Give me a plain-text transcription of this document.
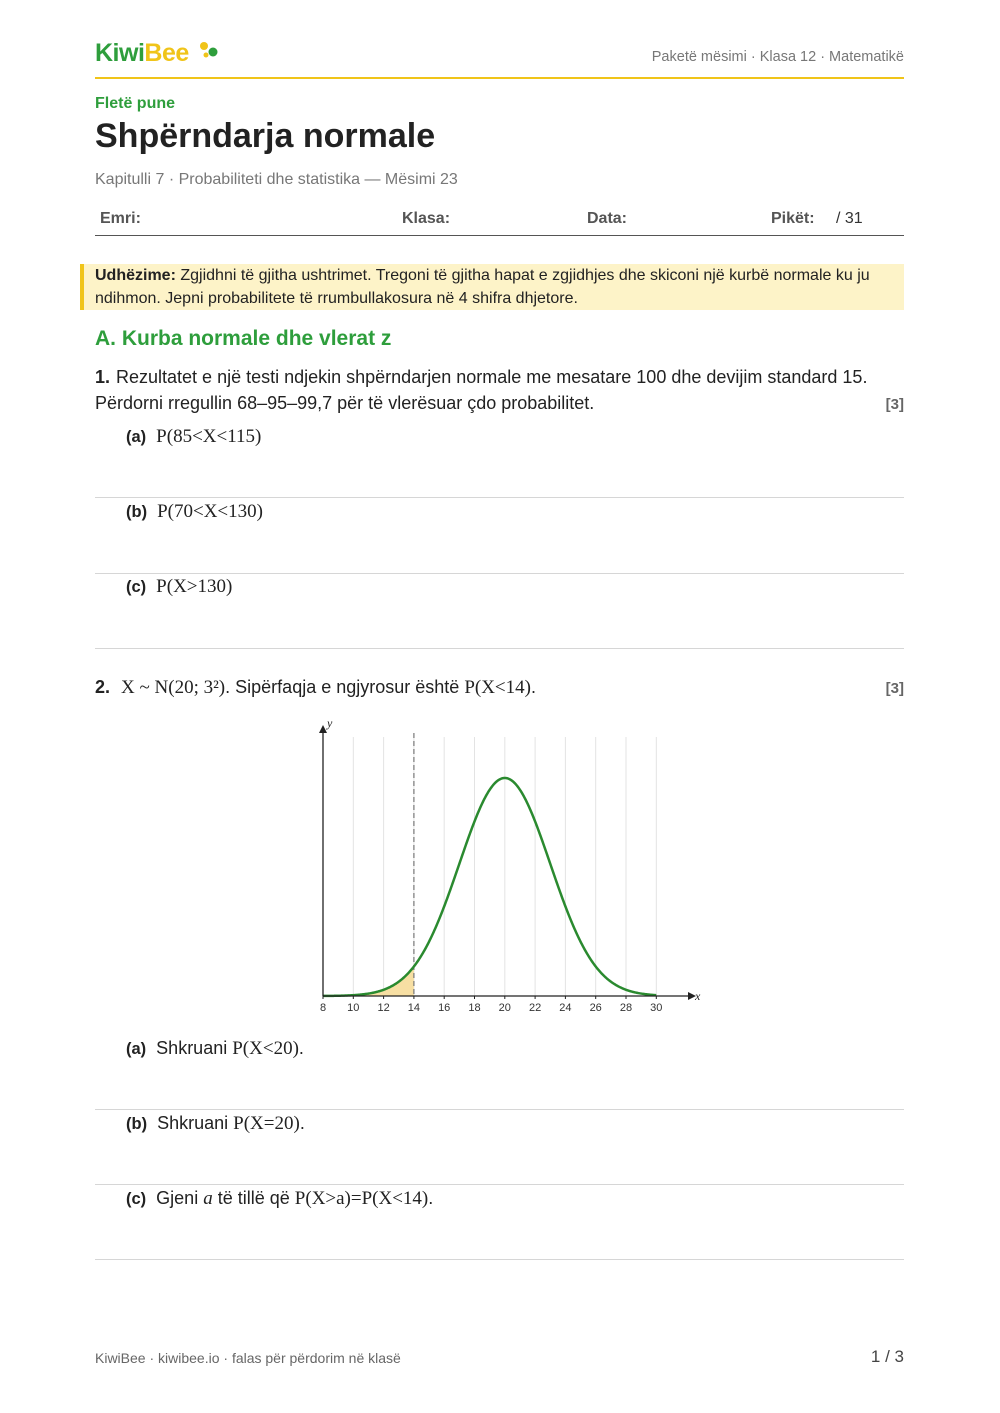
KiwiBee	Paketë mësimi · Klasa 12 · Matematikë
Fletë pune
Shpërndarja normale
Kapitulli 7 · Probabiliteti dhe statistika — Mësimi 23
Emri:	Klasa:	Data:	Pikët: / 31
Udhëzime: Zgjidhni të gjitha ushtrimet. Tregoni të gjitha hapat e zgjidhjes dhe skiconi një kurbë normale ku ju ndihmon. Jepni probabilitete të rrumbullakosura në 4 shifra dhjetore.
A. Kurba normale dhe vlerat z
1. Rezultatet e një testi ndjekin shpërndarjen normale me mesatare 100 dhe devijim standard 15. Përdorni rregullin 68–95–99,7 për të vlerësuar çdo probabilitet.	[3]
(a) P(85<X<115)
(b) P(70<X<130)
(c) P(X>130)
2. X ~ N(20; 3²). Sipërfaqja e ngjyrosur është P(X<14).	[3]
x
y
8 10 12 14 16 18 20 22 24 26 28 30
(a) Shkruani P(X<20).
(b) Shkruani P(X=20).
(c) Gjeni a të tillë që P(X>a)=P(X<14).
KiwiBee · kiwibee.io · falas për përdorim në klasë	1 / 3
